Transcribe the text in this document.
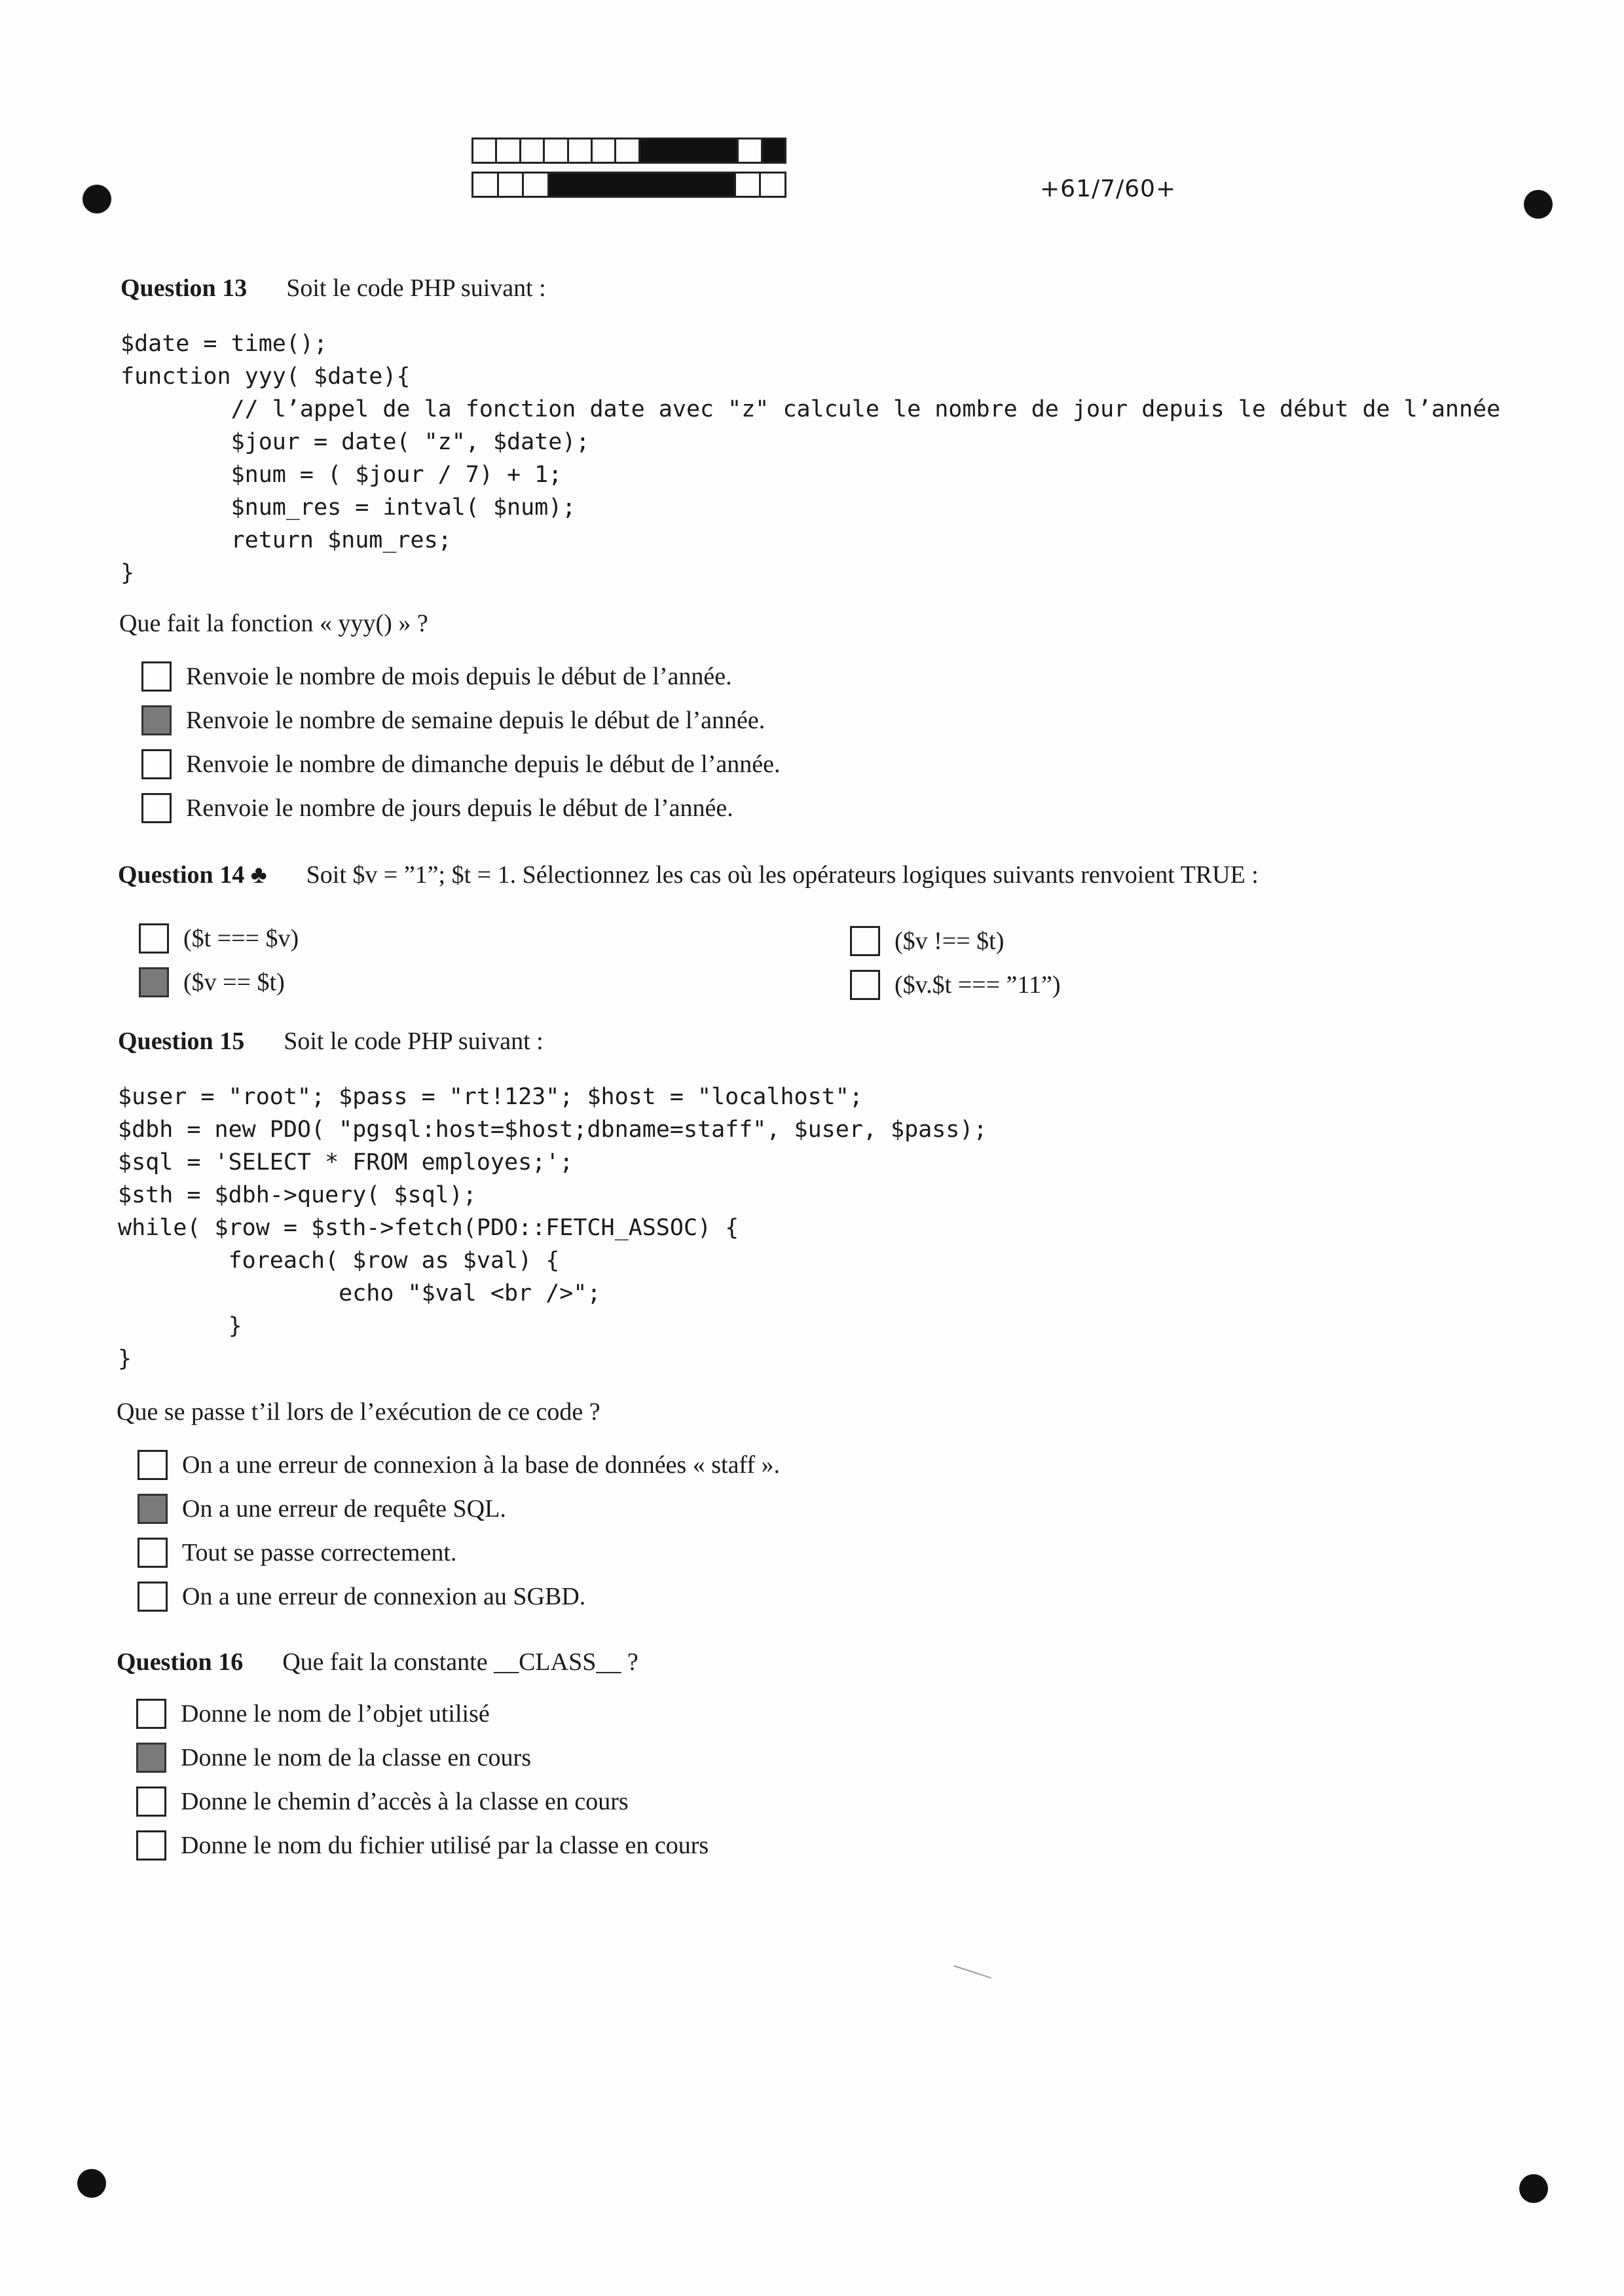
+61/7/60+
Question 13 Soit le code PHP suivant :
$date = time();
function yyy( $date){
// l’appel de la fonction date avec "z" calcule le nombre de jour depuis le début de l’année
$jour = date( "z", $date);
$num = ( $jour / 7) + 1;
$num_res = intval( $num);
return $num_res;
}
Que fait la fonction « yyy() » ?
Renvoie le nombre de mois depuis le début de l’année.
Renvoie le nombre de semaine depuis le début de l’année.
Renvoie le nombre de dimanche depuis le début de l’année.
Renvoie le nombre de jours depuis le début de l’année.
Question 14 ♣ Soit $v = ”1”; $t = 1. Sélectionnez les cas où les opérateurs logiques suivants renvoient TRUE :
($t === $v)
($v == $t)
($v !== $t)
($v.$t === ”11”)
Question 15 Soit le code PHP suivant :
$user = "root"; $pass = "rt!123"; $host = "localhost";
$dbh = new PDO( "pgsql:host=$host;dbname=staff", $user, $pass);
$sql = 'SELECT * FROM employes;';
$sth = $dbh->query( $sql);
while( $row = $sth->fetch(PDO::FETCH_ASSOC) {
foreach( $row as $val) {
echo "$val <br />";
}
}
Que se passe t’il lors de l’exécution de ce code ?
On a une erreur de connexion à la base de données « staff ».
On a une erreur de requête SQL.
Tout se passe correctement.
On a une erreur de connexion au SGBD.
Question 16 Que fait la constante __CLASS__ ?
Donne le nom de l’objet utilisé
Donne le nom de la classe en cours
Donne le chemin d’accès à la classe en cours
Donne le nom du fichier utilisé par la classe en cours
